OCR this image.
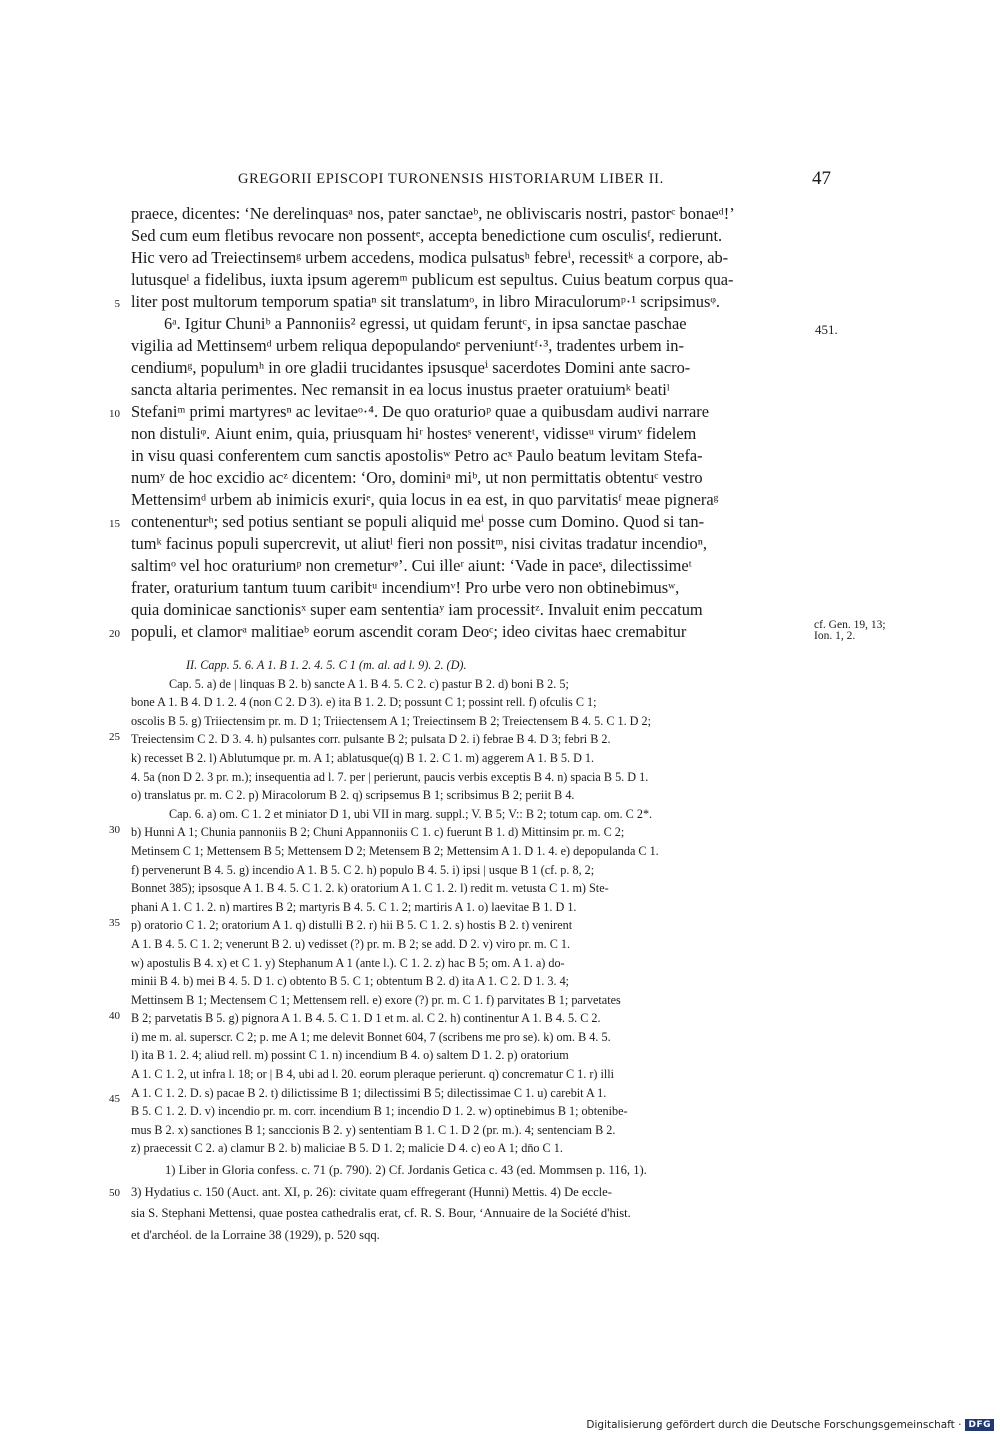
GREGORII EPISCOPI TURONENSIS HISTORIARUM LIBER II.	47
praece, dicentes: ‘Ne derelinquasᵃ nos, pater sanctaeᵇ, ne obliviscaris nostri, pastorᶜ bonaeᵈ!’
Sed cum eum fletibus revocare non possentᵉ, accepta benedictione cum osculisᶠ, redierunt.
Hic vero ad Treiectinsemᵍ urbem accedens, modica pulsatusʰ febreⁱ, recessitᵏ a corpore, ab-
lutusqueˡ a fidelibus, iuxta ipsum ageremᵐ publicum est sepultus. Cuius beatum corpus qua-
liter post multorum temporum spatiaⁿ sit translatumᵒ, in libro Miraculorumᵖ·¹ scripsimusᵠ.
6ᵃ. Igitur Chuniᵇ a Pannoniis² egressi, ut quidam feruntᶜ, in ipsa sanctae paschae
vigilia ad Mettinsemᵈ urbem reliqua depopulandoᵉ perveniuntᶠ·³, tradentes urbem in-
cendiumᵍ, populumʰ in ore gladii trucidantes ipsusqueⁱ sacerdotes Domini ante sacro-
sancta altaria perimentes. Nec remansit in ea locus inustus praeter oratuiumᵏ beatiˡ
Stefaniᵐ primi martyresⁿ ac levitaeᵒ·⁴. De quo oraturioᵖ quae a quibusdam audivi narrare
non distuliᵠ. Aiunt enim, quia, priusquam hiʳ hostesˢ venerentᵗ, vidisseᵘ virumᵛ fidelem
in visu quasi conferentem cum sanctis apostolisʷ Petro acˣ Paulo beatum levitam Stefa-
numʸ de hoc excidio acᶻ dicentem: ‘Oro, dominiᵃ miᵇ, ut non permittatis obtentuᶜ vestro
Mettensimᵈ urbem ab inimicis exuriᵉ, quia locus in ea est, in quo parvitatisᶠ meae pigneraᵍ
contenenturʰ; sed potius sentiant se populi aliquid meⁱ posse cum Domino. Quod si tan-
tumᵏ facinus populi supercrevit, ut aliutˡ fieri non possitᵐ, nisi civitas tradatur incendioⁿ,
saltimᵒ vel hoc oraturiumᵖ non cremeturᵠ’. Cui illeʳ aiunt: ‘Vade in paceˢ, dilectissimeᵗ
frater, oraturium tantum tuum caribitᵘ incendiumᵛ! Pro urbe vero non obtinebimusʷ,
quia dominicae sanctionisˣ super eam sententiaʸ iam processitᶻ. Invaluit enim peccatum
populi, et clamorᵃ malitiaeᵇ eorum ascendit coram Deoᶜ; ideo civitas haec cremabitur
5
10
15
20
451.
cf. Gen. 19, 13;
Ion. 1, 2.
II. Capp. 5. 6. A 1. B 1. 2. 4. 5. C 1 (m. al. ad l. 9). 2. (D).
Cap. 5. a) de | linquas B 2. b) sancte A 1. B 4. 5. C 2. c) pastur B 2. d) boni B 2. 5;
bone A 1. B 4. D 1. 2. 4 (non C 2. D 3). e) ita B 1. 2. D; possunt C 1; possint rell. f) ofculis C 1;
oscolis B 5. g) Triiectensim pr. m. D 1; Triiectensem A 1; Treiectinsem B 2; Treiectensem B 4. 5. C 1. D 2;
Treiectensim C 2. D 3. 4. h) pulsantes corr. pulsante B 2; pulsata D 2. i) febrae B 4. D 3; febri B 2.
k) recesset B 2. l) Ablutumque pr. m. A 1; ablatusque(q) B 1. 2. C 1. m) aggerem A 1. B 5. D 1.
4. 5a (non D 2. 3 pr. m.); insequentia ad l. 7. per | perierunt, paucis verbis exceptis B 4. n) spacia B 5. D 1.
o) translatus pr. m. C 2. p) Miracolorum B 2. q) scripsemus B 1; scribsimus B 2; periit B 4.
Cap. 6. a) om. C 1. 2 et miniator D 1, ubi VII in marg. suppl.; V. B 5; V:: B 2; totum cap. om. C 2*.
b) Hunni A 1; Chunia pannoniis B 2; Chuni Appannoniis C 1. c) fuerunt B 1. d) Mittinsim pr. m. C 2;
Metinsem C 1; Mettensem B 5; Mettensem D 2; Metensem B 2; Mettensim A 1. D 1. 4. e) depopulanda C 1.
f) pervenerunt B 4. 5. g) incendio A 1. B 5. C 2. h) populo B 4. 5. i) ipsi | usque B 1 (cf. p. 8, 2;
Bonnet 385); ipsosque A 1. B 4. 5. C 1. 2. k) oratorium A 1. C 1. 2. l) redit m. vetusta C 1. m) Ste-
phani A 1. C 1. 2. n) martires B 2; martyris B 4. 5. C 1. 2; martiris A 1. o) laevitae B 1. D 1.
p) oratorio C 1. 2; oratorium A 1. q) distulli B 2. r) hii B 5. C 1. 2. s) hostis B 2. t) venirent
A 1. B 4. 5. C 1. 2; venerunt B 2. u) vedisset (?) pr. m. B 2; se add. D 2. v) viro pr. m. C 1.
w) apostulis B 4. x) et C 1. y) Stephanum A 1 (ante l.). C 1. 2. z) hac B 5; om. A 1. a) do-
minii B 4. b) mei B 4. 5. D 1. c) obtento B 5. C 1; obtentum B 2. d) ita A 1. C 2. D 1. 3. 4;
Mettinsem B 1; Mectensem C 1; Mettensem rell. e) exore (?) pr. m. C 1. f) parvitates B 1; parvetates
B 2; parvetatis B 5. g) pignora A 1. B 4. 5. C 1. D 1 et m. al. C 2. h) continentur A 1. B 4. 5. C 2.
i) me m. al. superscr. C 2; p. me A 1; me delevit Bonnet 604, 7 (scribens me pro se). k) om. B 4. 5.
l) ita B 1. 2. 4; aliud rell. m) possint C 1. n) incendium B 4. o) saltem D 1. 2. p) oratorium
A 1. C 1. 2, ut infra l. 18; or | B 4, ubi ad l. 20. eorum pleraque perierunt. q) concrematur C 1. r) illi
A 1. C 1. 2. D. s) pacae B 2. t) dilictissime B 1; dilectissimi B 5; dilectissimae C 1. u) carebit A 1.
B 5. C 1. 2. D. v) incendio pr. m. corr. incendium B 1; incendio D 1. 2. w) optinebimus B 1; obtenibe-
mus B 2. x) sanctiones B 1; sanccionis B 2. y) sententiam B 1. C 1. D 2 (pr. m.). 4; sentenciam B 2.
z) praecessit C 2. a) clamur B 2. b) maliciae B 5. D 1. 2; malicie D 4. c) eo A 1; dn̄o C 1.
25
30
35
40
45
1) Liber in Gloria confess. c. 71 (p. 790). 2) Cf. Jordanis Getica c. 43 (ed. Mommsen p. 116, 1).
3) Hydatius c. 150 (Auct. ant. XI, p. 26): civitate quam effregerant (Hunni) Mettis. 4) De eccle-
sia S. Stephani Mettensi, quae postea cathedralis erat, cf. R. S. Bour, ‘Annuaire de la Société d'hist.
et d'archéol. de la Lorraine 38 (1929), p. 520 sqq.
50
Digitalisierung gefördert durch die Deutsche Forschungsgemeinschaft · DFG
